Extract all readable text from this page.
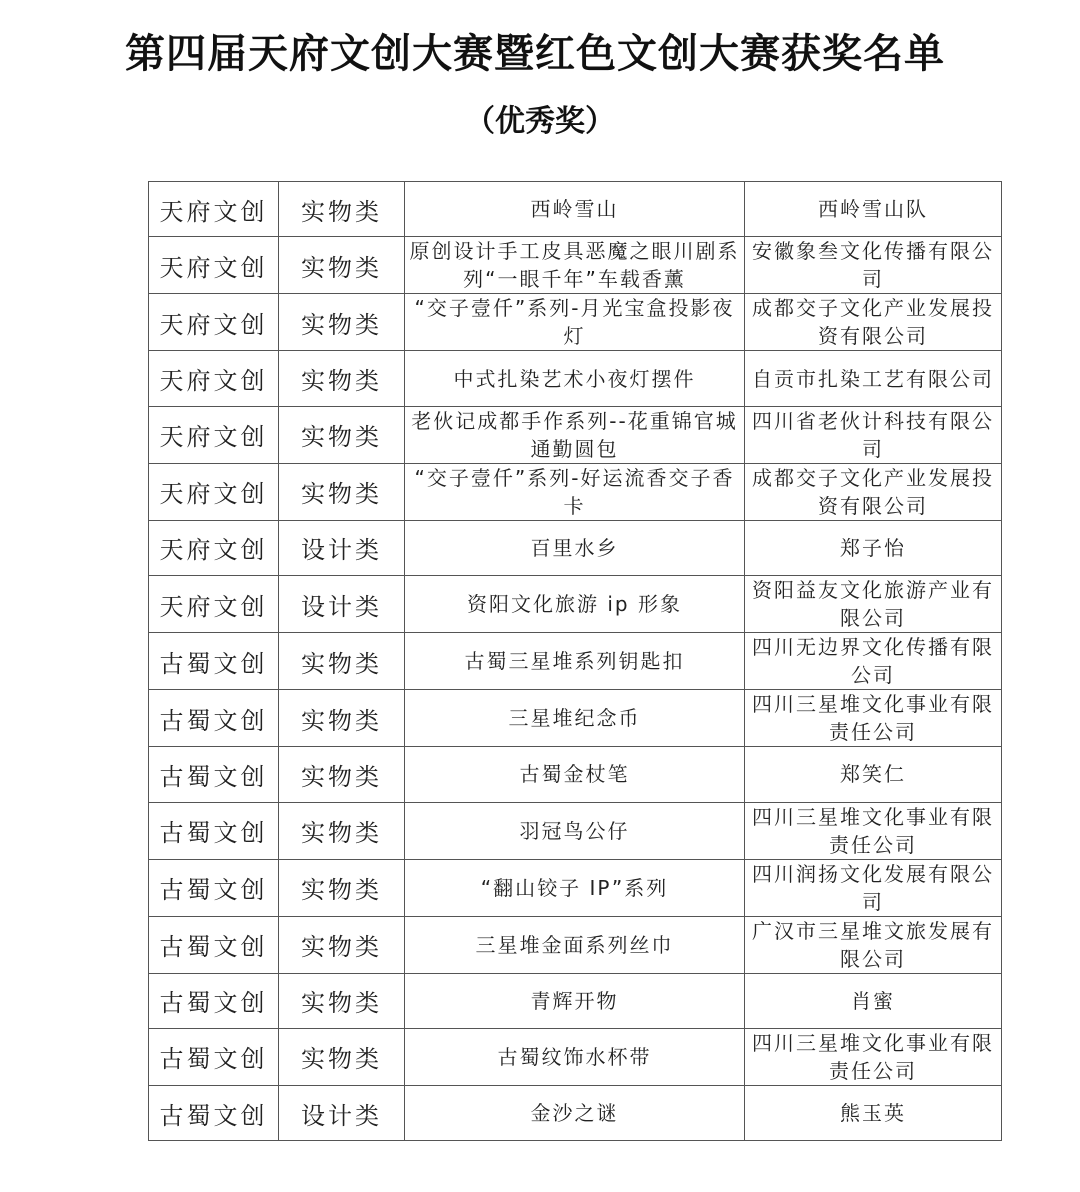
第四届天府文创大赛暨红色文创大赛获奖名单
（优秀奖）
天府文创	实物类	西岭雪山	西岭雪山队
天府文创	实物类	原创设计手工皮具恶魔之眼川剧系列“一眼千年”车载香薰	安徽象叁文化传播有限公司
天府文创	实物类	“交子壹仟”系列-月光宝盒投影夜灯	成都交子文化产业发展投资有限公司
天府文创	实物类	中式扎染艺术小夜灯摆件	自贡市扎染工艺有限公司
天府文创	实物类	老伙记成都手作系列--花重锦官城通勤圆包	四川省老伙计科技有限公司
天府文创	实物类	“交子壹仟”系列-好运流香交子香卡	成都交子文化产业发展投资有限公司
天府文创	设计类	百里水乡	郑子怡
天府文创	设计类	资阳文化旅游 ip 形象	资阳益友文化旅游产业有限公司
古蜀文创	实物类	古蜀三星堆系列钥匙扣	四川无边界文化传播有限公司
古蜀文创	实物类	三星堆纪念币	四川三星堆文化事业有限责任公司
古蜀文创	实物类	古蜀金杖笔	郑笑仁
古蜀文创	实物类	羽冠鸟公仔	四川三星堆文化事业有限责任公司
古蜀文创	实物类	“翻山铰子 IP”系列	四川润扬文化发展有限公司
古蜀文创	实物类	三星堆金面系列丝巾	广汉市三星堆文旅发展有限公司
古蜀文创	实物类	青辉开物	肖蜜
古蜀文创	实物类	古蜀纹饰水杯带	四川三星堆文化事业有限责任公司
古蜀文创	设计类	金沙之谜	熊玉英
